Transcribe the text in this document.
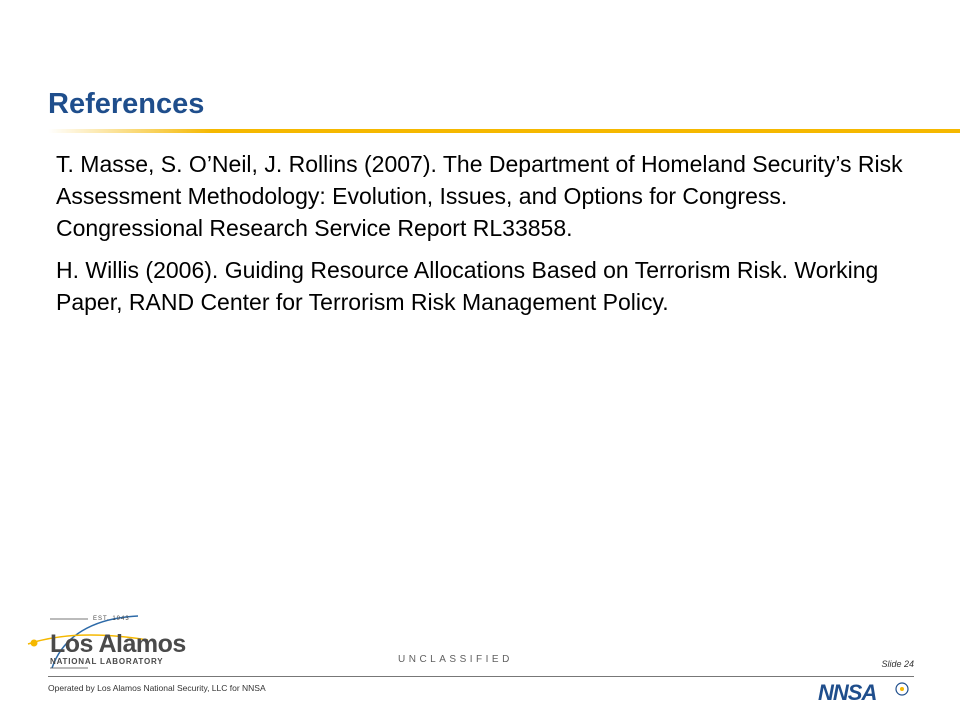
References

T. Masse, S. O’Neil, J. Rollins (2007). The Department of Homeland Security’s Risk Assessment Methodology: Evolution, Issues, and Options for Congress. Congressional Research Service Report RL33858.

H. Willis (2006). Guiding Resource Allocations Based on Terrorism Risk. Working Paper, RAND Center for Terrorism Risk Management Policy.

EST. 1943
Los Alamos
NATIONAL LABORATORY	UNCLASSIFIED	Slide 24
Operated by Los Alamos National Security, LLC for NNSA	NNSA
